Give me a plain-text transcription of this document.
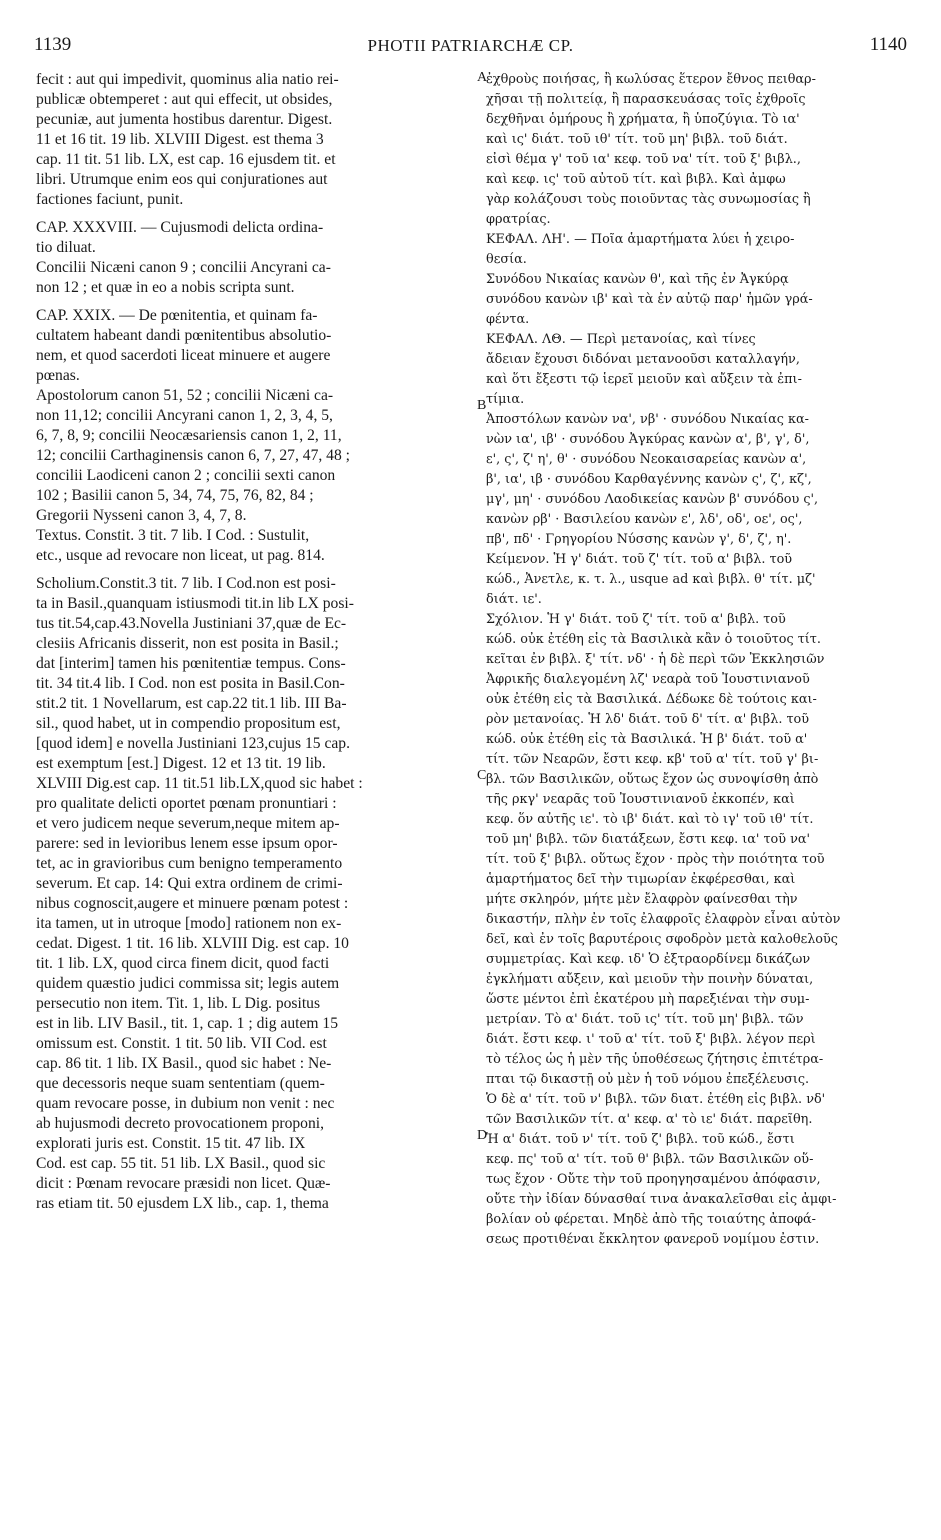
1139	PHOTII PATRIARCHÆ CP.	1140
fecit : aut qui impedivit, quominus alia natio rei-
publicæ obtemperet : aut qui effecit, ut obsides,
pecuniæ, aut jumenta hostibus darentur. Digest.
11 et 16 tit. 19 lib. XLVIII Digest. est thema 3
cap. 11 tit. 51 lib. LX, est cap. 16 ejusdem tit. et
libri. Utrumque enim eos qui conjurationes aut
factiones faciunt, punit.
CAP. XXXVIII. — Cujusmodi delicta ordina-
tio diluat.
Concilii Nicæni canon 9 ; concilii Ancyrani ca-
non 12 ; et quæ in eo a nobis scripta sunt.
CAP. XXIX. — De pœnitentia, et quinam fa-
cultatem habeant dandi pœnitentibus absolutio-
nem, et quod sacerdoti liceat minuere et augere
pœnas.
Apostolorum canon 51, 52 ; concilii Nicæni ca-
non 11,12; concilii Ancyrani canon 1, 2, 3, 4, 5,
6, 7, 8, 9; concilii Neocæsariensis canon 1, 2, 11,
12; concilii Carthaginensis canon 6, 7, 27, 47, 48 ;
concilii Laodiceni canon 2 ; concilii sexti canon
102 ; Basilii canon 5, 34, 74, 75, 76, 82, 84 ;
Gregorii Nysseni canon 3, 4, 7, 8.
Textus. Constit. 3 tit. 7 lib. I Cod. : Sustulit,
etc., usque ad revocare non liceat, ut pag. 814.
Scholium.Constit.3 tit. 7 lib. I Cod.non est posi-
ta in Basil.,quanquam istiusmodi tit.in lib LX posi-
tus tit.54,cap.43.Novella Justiniani 37,quæ de Ec-
clesiis Africanis disserit, non est posita in Basil.;
dat [interim] tamen his pœnitentiæ tempus. Cons-
tit. 34 tit.4 lib. I Cod. non est posita in Basil.Con-
stit.2 tit. 1 Novellarum, est cap.22 tit.1 lib. III Ba-
sil., quod habet, ut in compendio propositum est,
[quod idem] e novella Justiniani 123,cujus 15 cap.
est exemptum [est.] Digest. 12 et 13 tit. 19 lib.
XLVIII Dig.est cap. 11 tit.51 lib.LX,quod sic habet :
pro qualitate delicti oportet pœnam pronuntiari :
et vero judicem neque severum,neque mitem ap-
parere: sed in levioribus lenem esse ipsum opor-
tet, ac in gravioribus cum benigno temperamento
severum. Et cap. 14: Qui extra ordinem de crimi-
nibus cognoscit,augere et minuere pœnam potest :
ita tamen, ut in utroque [modo] rationem non ex-
cedat. Digest. 1 tit. 16 lib. XLVIII Dig. est cap. 10
tit. 1 lib. LX, quod circa finem dicit, quod facti
quidem quæstio judici commissa sit; legis autem
persecutio non item. Tit. 1, lib. L Dig. positus
est in lib. LIV Basil., tit. 1, cap. 1 ; dig autem 15
omissum est. Constit. 1 tit. 50 lib. VII Cod. est
cap. 86 tit. 1 lib. IX Basil., quod sic habet : Ne-
que decessoris neque suam sententiam (quem-
quam revocare posse, in dubium non venit : nec
ab hujusmodi decreto provocationem proponi,
explorati juris est. Constit. 15 tit. 47 lib. IX
Cod. est cap. 55 tit. 51 lib. LX Basil., quod sic
dicit : Pœnam revocare præsidi non licet. Quæ-
ras etiam tit. 50 ejusdem LX lib., cap. 1, thema
ἐχθροὺς ποιήσας, ἢ κωλύσας ἕτερον ἔθνος πειθαρ-
χῆσαι τῇ πολιτείᾳ, ἢ παρασκευάσας τοῖς ἐχθροῖς
δεχθῆναι ὁμήρους ἢ χρήματα, ἢ ὑποζύγια. Τὸ ια'
καὶ ις' διάτ. τοῦ ιθ' τίτ. τοῦ μη' βιβλ. τοῦ διάτ.
εἰσὶ θέμα γ' τοῦ ια' κεφ. τοῦ να' τίτ. τοῦ ξ' βιβλ.,
καὶ κεφ. ις' τοῦ αὐτοῦ τίτ. καὶ βιβλ. Καὶ ἀμφω
γὰρ κολάζουσι τοὺς ποιοῦντας τὰς συνωμοσίας ἢ
φρατρίας.
ΚΕΦΑΛ. ΛΗ'. — Ποῖα ἁμαρτήματα λύει ἡ χειρο-
θεσία.
Συνόδου Νικαίας κανὼν θ', καὶ τῆς ἐν Ἀγκύρᾳ
συνόδου κανὼν ιβ' καὶ τὰ ἐν αὐτῷ παρ' ἡμῶν γρά-
φέντα.
ΚΕΦΑΛ. ΛΘ. — Περὶ μετανοίας, καὶ τίνες
ἄδειαν ἔχουσι διδόναι μετανοοῦσι καταλλαγήν,
καὶ ὅτι ἔξεστι τῷ ἱερεῖ μειοῦν καὶ αὔξειν τὰ ἐπι-
τίμια.
Ἀποστόλων κανὼν να', νβ' · συνόδου Νικαίας κα-
νὼν ια', ιβ' · συνόδου Ἀγκύρας κανὼν α', β', γ', δ',
ε', ς', ζ' η', θ' · συνόδου Νεοκαισαρείας κανὼν α',
β', ια', ιβ · συνόδου Καρθαγέννης κανὼν ς', ζ', κζ',
μγ', μη' · συνόδου Λαοδικείας κανὼν β' συνόδου ς',
κανὼν ρβ' · Βασιλείου κανὼν ε', λδ', οδ', οε', ος',
πβ', πδ' · Γρηγορίου Νύσσης κανὼν γ', δ', ζ', η'.
Κείμενον. Ἡ γ' διάτ. τοῦ ζ' τίτ. τοῦ α' βιβλ. τοῦ
κώδ., Ἀνετλε, κ. τ. λ., usque ad καὶ βιβλ. θ' τίτ. μζ'
διάτ. ιε'.
Σχόλιον. Ἡ γ' διάτ. τοῦ ζ' τίτ. τοῦ α' βιβλ. τοῦ
κώδ. οὐκ ἐτέθη εἰς τὰ Βασιλικὰ κἂν ὁ τοιοῦτος τίτ.
κεῖται ἐν βιβλ. ξ' τίτ. νδ' · ἡ δὲ περὶ τῶν Ἐκκλησιῶν
Ἀφρικῆς διαλεγομένη λζ' νεαρὰ τοῦ Ἰουστινιανοῦ
οὐκ ἐτέθη εἰς τὰ Βασιλικά. Δέδωκε δὲ τούτοις και-
ρὸν μετανοίας. Ἡ λδ' διάτ. τοῦ δ' τίτ. α' βιβλ. τοῦ
κώδ. οὐκ ἐτέθη εἰς τὰ Βασιλικά. Ἡ β' διάτ. τοῦ α'
τίτ. τῶν Νεαρῶν, ἔστι κεφ. κβ' τοῦ α' τίτ. τοῦ γ' βι-
βλ. τῶν Βασιλικῶν, οὕτως ἔχον ὡς συνοψίσθη ἀπὸ
τῆς ρκγ' νεαρᾶς τοῦ Ἰουστινιανοῦ ἐκκοπέν, καὶ
κεφ. ὅν αὐτῆς ιε'. τὸ ιβ' διάτ. καὶ τὸ ιγ' τοῦ ιθ' τίτ.
τοῦ μη' βιβλ. τῶν διατάξεων, ἔστι κεφ. ια' τοῦ να'
τίτ. τοῦ ξ' βιβλ. οὕτως ἔχον · πρὸς τὴν ποιότητα τοῦ
ἁμαρτήματος δεῖ τὴν τιμωρίαν ἐκφέρεσθαι, καὶ
μήτε σκληρόν, μήτε μὲν ἔλαφρὸν φαίνεσθαι τὴν
δικαστήν, πλὴν ἐν τοῖς ἐλαφροῖς ἐλαφρὸν εἶναι αὐτὸν
δεῖ, καὶ ἐν τοῖς βαρυτέροις σφοδρὸν μετὰ καλοθελοῦς
συμμετρίας. Καὶ κεφ. ιδ' Ὁ ἐξτραορδίνεμ δικάζων
ἐγκλήματι αὔξειν, καὶ μειοῦν τὴν ποινὴν δύναται,
ὥστε μέντοι ἐπὶ ἑκατέρου μὴ παρεξιέναι τὴν συμ-
μετρίαν. Τὸ α' διάτ. τοῦ ις' τίτ. τοῦ μη' βιβλ. τῶν
διάτ. ἔστι κεφ. ι' τοῦ α' τίτ. τοῦ ξ' βιβλ. λέγον περὶ
τὸ τέλος ὡς ἡ μὲν τῆς ὑποθέσεως ζήτησις ἐπιτέτρα-
πται τῷ δικαστῇ οὐ μὲν ἡ τοῦ νόμου ἐπεξέλευσις.
Ὁ δὲ α' τίτ. τοῦ ν' βιβλ. τῶν διατ. ἐτέθη εἰς βιβλ. νδ'
τῶν Βασιλικῶν τίτ. α' κεφ. α' τὸ ιε' διάτ. παρεῖθη.
Ἡ α' διάτ. τοῦ ν' τίτ. τοῦ ζ' βιβλ. τοῦ κώδ., ἔστι
κεφ. πς' τοῦ α' τίτ. τοῦ θ' βιβλ. τῶν Βασιλικῶν οὕ-
τως ἔχον · Οὔτε τὴν τοῦ προηγησαμένου ἀπόφασιν,
οὔτε τὴν ἰδίαν δύνασθαί τινα ἀνακαλεῖσθαι εἰς ἀμφι-
βολίαν οὐ φέρεται. Μηδὲ ἀπὸ τῆς τοιαύτης ἀποφά-
σεως προτιθέναι ἔκκλητον φανεροῦ νομίμου ἐστιν.
A
B
C
D
